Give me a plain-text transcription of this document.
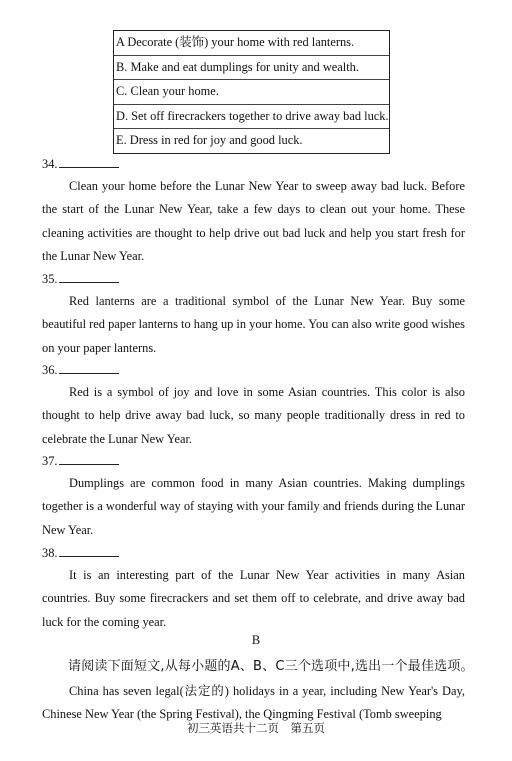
A Decorate (装饰) your home with red lanterns.
B. Make and eat dumplings for unity and wealth.
C. Clean your home.
D. Set off firecrackers together to drive away bad luck.
E. Dress in red for joy and good luck.
34.
Clean your home before the Lunar New Year to sweep away bad luck. Before the start of the Lunar New Year, take a few days to clean out your home. These cleaning activities are thought to help drive out bad luck and help you start fresh for the Lunar New Year.
35.
Red lanterns are a traditional symbol of the Lunar New Year. Buy some beautiful red paper lanterns to hang up in your home. You can also write good wishes on your paper lanterns.
36.
Red is a symbol of joy and love in some Asian countries. This color is also thought to help drive away bad luck, so many people traditionally dress in red to celebrate the Lunar New Year.
37.
Dumplings are common food in many Asian countries. Making dumplings together is a wonderful way of staying with your family and friends during the Lunar New Year.
38.
It is an interesting part of the Lunar New Year activities in many Asian countries. Buy some firecrackers and set them off to celebrate, and drive away bad luck for the coming year.
B
请阅读下面短文,从每小题的A、B、C三个选项中,选出一个最佳选项。
China has seven legal(法定的) holidays in a year, including New Year's Day, Chinese New Year (the Spring Festival), the Qingming Festival (Tomb sweeping
初三英语共十二页　第五页
